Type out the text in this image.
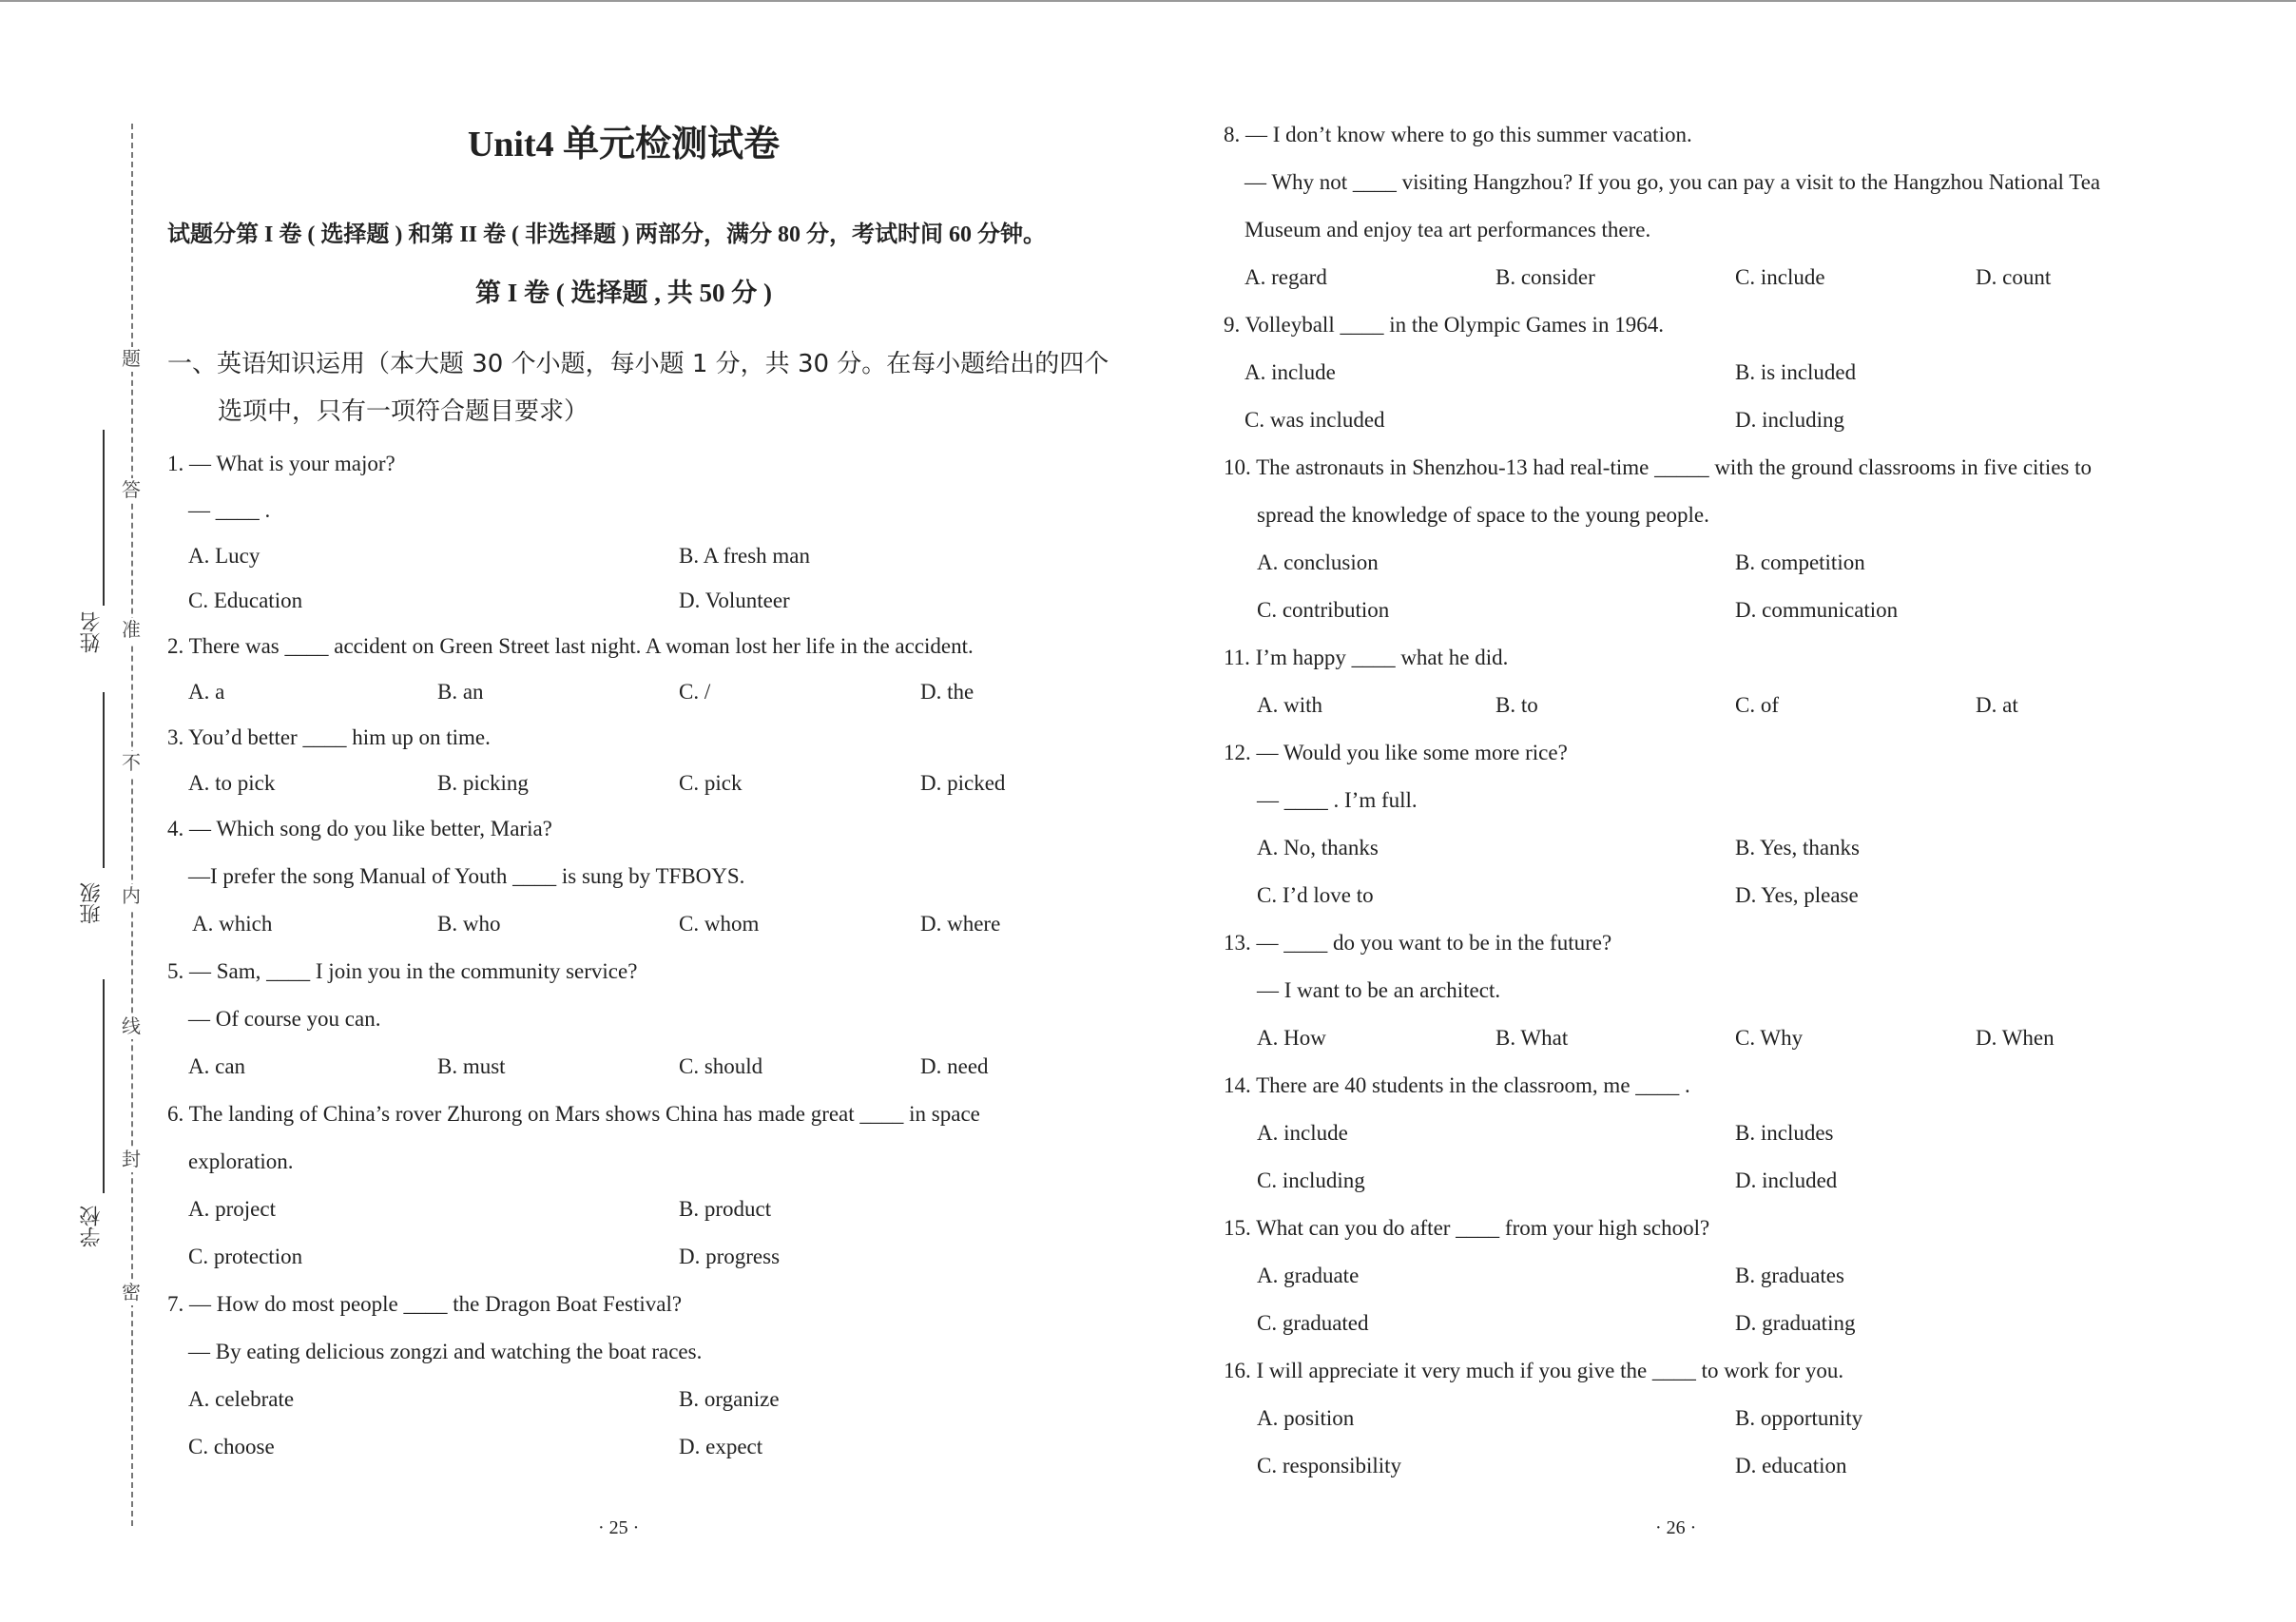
题
答
准
不
内
线
封
密
姓名
班级
学校
Unit4 单元检测试卷
试题分第 I 卷 ( 选择题 ) 和第 II 卷 ( 非选择题 ) 两部分，满分 80 分，考试时间 60 分钟。
第 I 卷 ( 选择题 , 共 50 分 )
一、英语知识运用（本大题 30 个小题，每小题 1 分，共 30 分。在每小题给出的四个
选项中，只有一项符合题目要求）
1. — What is your major?
— ____ .
A. Lucy	B. A fresh man
C. Education	D. Volunteer
2. There was ____ accident on Green Street last night. A woman lost her life in the accident.
A. a	B. an	C. /	D. the
3. You’d better ____ him up on time.
A. to pick	B. picking	C. pick	D. picked
4. — Which song do you like better, Maria?
—I prefer the song Manual of Youth ____ is sung by TFBOYS.
A. which	B. who	C. whom	D. where
5. — Sam, ____ I join you in the community service?
— Of course you can.
A. can	B. must	C. should	D. need
6. The landing of China’s rover Zhurong on Mars shows China has made great ____ in space
exploration.
A. project	B. product
C. protection	D. progress
7. — How do most people ____ the Dragon Boat Festival?
— By eating delicious zongzi and watching the boat races.
A. celebrate	B. organize
C. choose	D. expect
· 25 ·
8. — I don’t know where to go this summer vacation.
— Why not ____ visiting Hangzhou? If you go, you can pay a visit to the Hangzhou National Tea
Museum and enjoy tea art performances there.
A. regard	B. consider	C. include	D. count
9. Volleyball ____ in the Olympic Games in 1964.
A. include	B. is included
C. was included	D. including
10. The astronauts in Shenzhou-13 had real-time _____ with the ground classrooms in five cities to
spread the knowledge of space to the young people.
A. conclusion	B. competition
C. contribution	D. communication
11. I’m happy ____ what he did.
A. with	B. to	C. of	D. at
12. — Would you like some more rice?
— ____ . I’m full.
A. No, thanks	B. Yes, thanks
C. I’d love to	D. Yes, please
13. — ____ do you want to be in the future?
— I want to be an architect.
A. How	B. What	C. Why	D. When
14. There are 40 students in the classroom, me ____ .
A. include	B. includes
C. including	D. included
15. What can you do after ____ from your high school?
A. graduate	B. graduates
C. graduated	D. graduating
16. I will appreciate it very much if you give the ____ to work for you.
A. position	B. opportunity
C. responsibility	D. education
· 26 ·
